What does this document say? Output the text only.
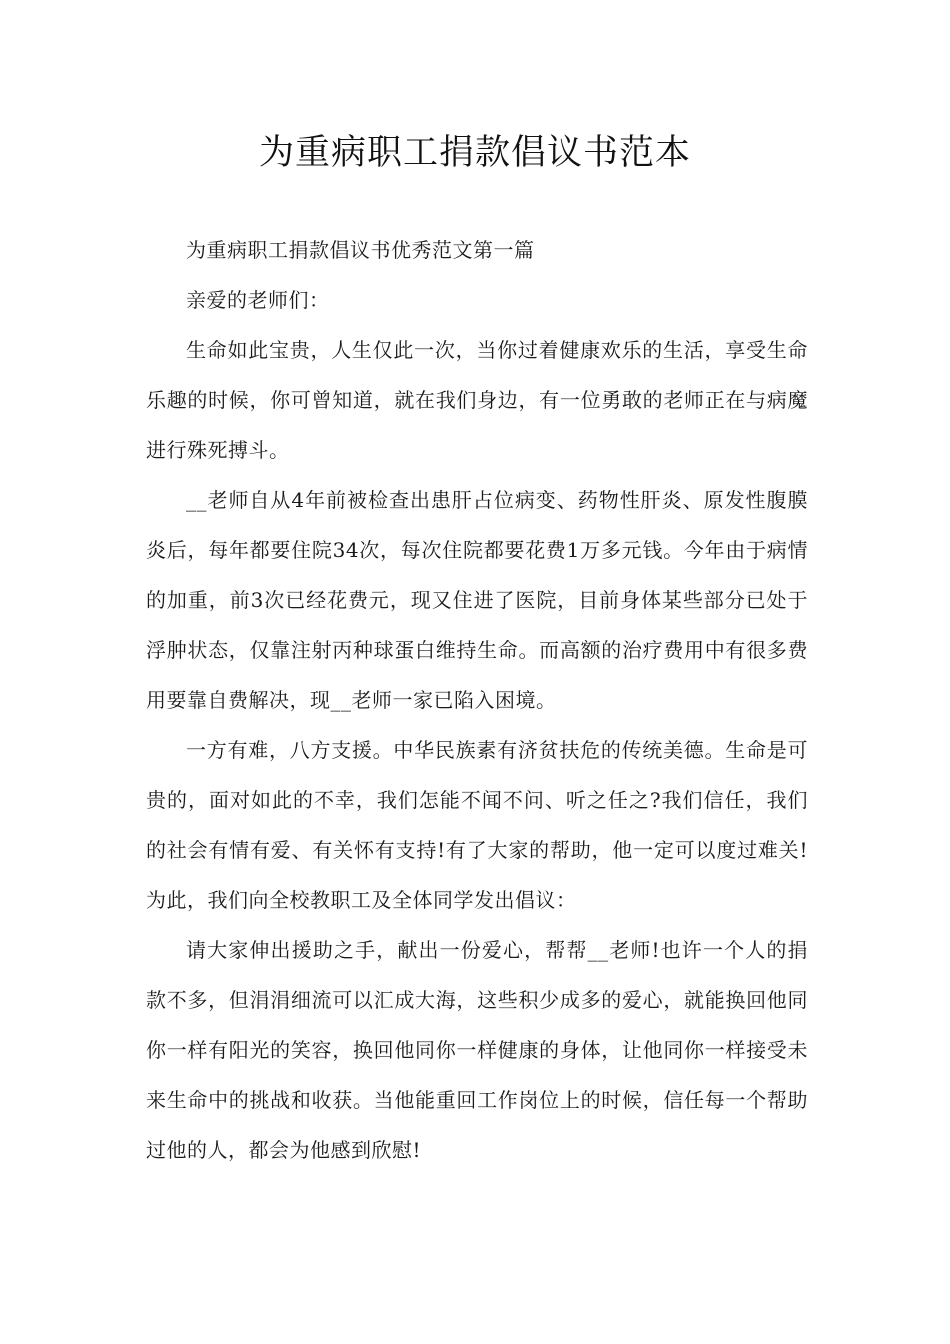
为重病职工捐款倡议书范本

为重病职工捐款倡议书优秀范文第一篇

亲爱的老师们：

生命如此宝贵，人生仅此一次，当你过着健康欢乐的生活，享受生命乐趣的时候，你可曾知道，就在我们身边，有一位勇敢的老师正在与病魔进行殊死搏斗。

__老师自从4年前被检查出患肝占位病变、药物性肝炎、原发性腹膜炎后，每年都要住院34次，每次住院都要花费1万多元钱。今年由于病情的加重，前3次已经花费元，现又住进了医院，目前身体某些部分已处于浮肿状态，仅靠注射丙种球蛋白维持生命。而高额的治疗费用中有很多费用要靠自费解决，现__老师一家已陷入困境。

一方有难，八方支援。中华民族素有济贫扶危的传统美德。生命是可贵的，面对如此的不幸，我们怎能不闻不问、听之任之?我们信任，我们的社会有情有爱、有关怀有支持!有了大家的帮助，他一定可以度过难关!为此，我们向全校教职工及全体同学发出倡议：

请大家伸出援助之手，献出一份爱心，帮帮__老师!也许一个人的捐款不多，但涓涓细流可以汇成大海，这些积少成多的爱心，就能换回他同你一样有阳光的笑容，换回他同你一样健康的身体，让他同你一样接受未来生命中的挑战和收获。当他能重回工作岗位上的时候，信任每一个帮助过他的人，都会为他感到欣慰!
